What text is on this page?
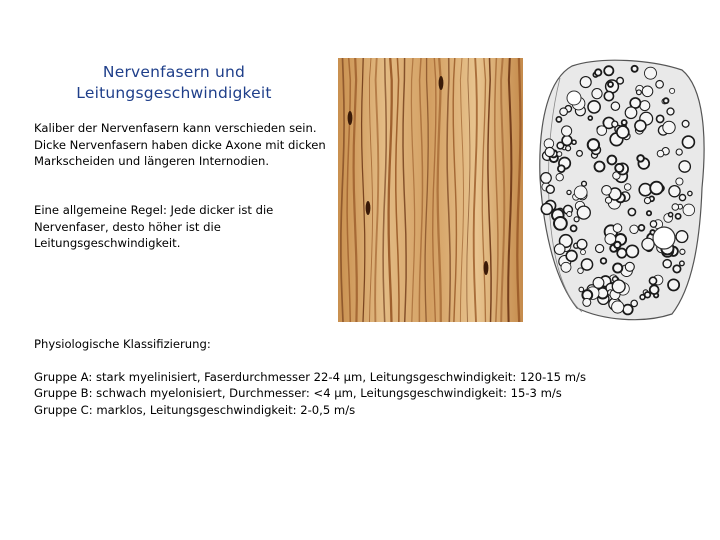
Nervenfasern und
Leitungsgeschwindigkeit
Kaliber der Nervenfasern kann verschieden sein.
Dicke Nervenfasern haben dicke Axone mit dicken
Markscheiden und längeren Internodien.
Eine allgemeine Regel: Jede dicker ist die
Nervenfaser, desto höher ist die
Leitungsgeschwindigkeit.
Physiologische Klassifizierung:
Gruppe A: stark myelinisiert, Faserdurchmesser 22-4 µm, Leitungsgeschwindigkeit: 120-15 m/s
Gruppe B: schwach myelonisiert, Durchmesser: <4 µm, Leitungsgeschwindigkeit: 15-3 m/s
Gruppe C: marklos, Leitungsgeschwindigkeit: 2-0,5 m/s
